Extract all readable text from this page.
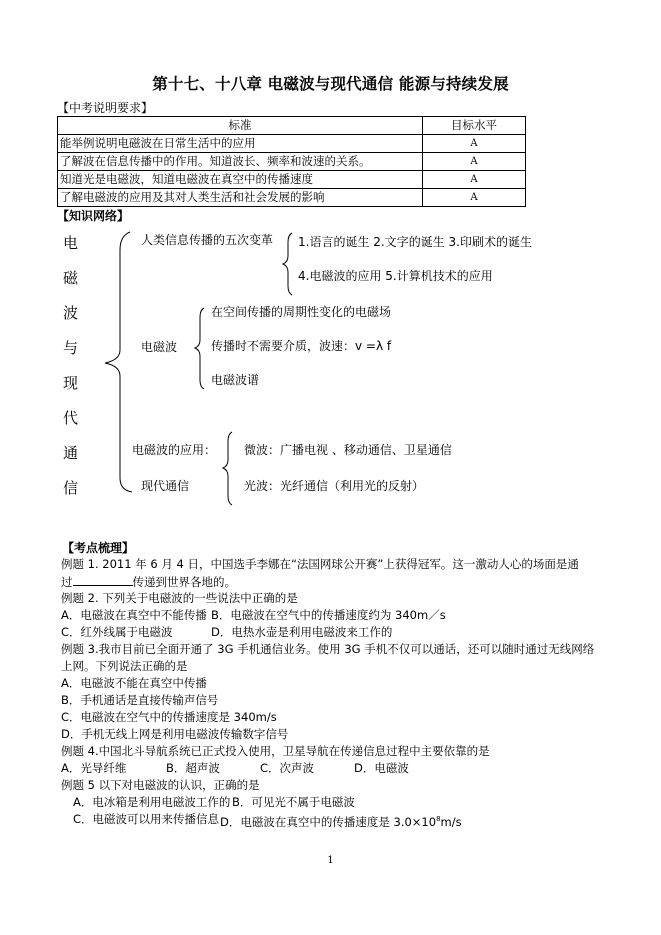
第十七、十八章 电磁波与现代通信 能源与持续发展
【中考说明要求】
标准	目标水平
能举例说明电磁波在日常生活中的应用	A
了解波在信息传播中的作用。知道波长、频率和波速的关系。	A
知道光是电磁波，知道电磁波在真空中的传播速度	A
了解电磁波的应用及其对人类生活和社会发展的影响	A
【知识网络】
电
磁
波
与
现
代
通
信
人类信息传播的五次变革 1.语言的诞生 2.文字的诞生 3.印刷术的诞生
4.电磁波的应用 5.计算机技术的应用
电磁波
在空间传播的周期性变化的电磁场
传播时不需要介质，波速：v =λ f
电磁波谱
电磁波的应用：
现代通信
微波：广播电视 、移动通信、卫星通信
光波：光纤通信（利用光的反射）
【考点梳理】
例题 1. 2011 年 6 月 4 日，中国选手李娜在“法国网球公开赛”上获得冠军。这一激动人心的场面是通
过	传递到世界各地的。
例题 2. 下列关于电磁波的一些说法中正确的是
A．电磁波在真空中不能传播 B．电磁波在空气中的传播速度约为 340m／s
C．红外线属于电磁波	D．电热水壶是利用电磁波来工作的
例题 3.我市目前已全面开通了 3G 手机通信业务。使用 3G 手机不仅可以通话，还可以随时通过无线网络
上网。下列说法正确的是
A．电磁波不能在真空中传播
B．手机通话是直接传输声信号
C．电磁波在空气中的传播速度是 340m/s
D．手机无线上网是利用电磁波传输数字信号
例题 4.中国北斗导航系统已正式投入使用，卫星导航在传递信息过程中主要依靠的是
A．光导纤维	B．超声波	C．次声波	D．电磁波
例题 5 以下对电磁波的认识，正确的是
A．电冰箱是利用电磁波工作的 B．可见光不属于电磁波
C．电磁波可以用来传播信息 D．电磁波在真空中的传播速度是 $3.0\times 10^8m/s$
1
